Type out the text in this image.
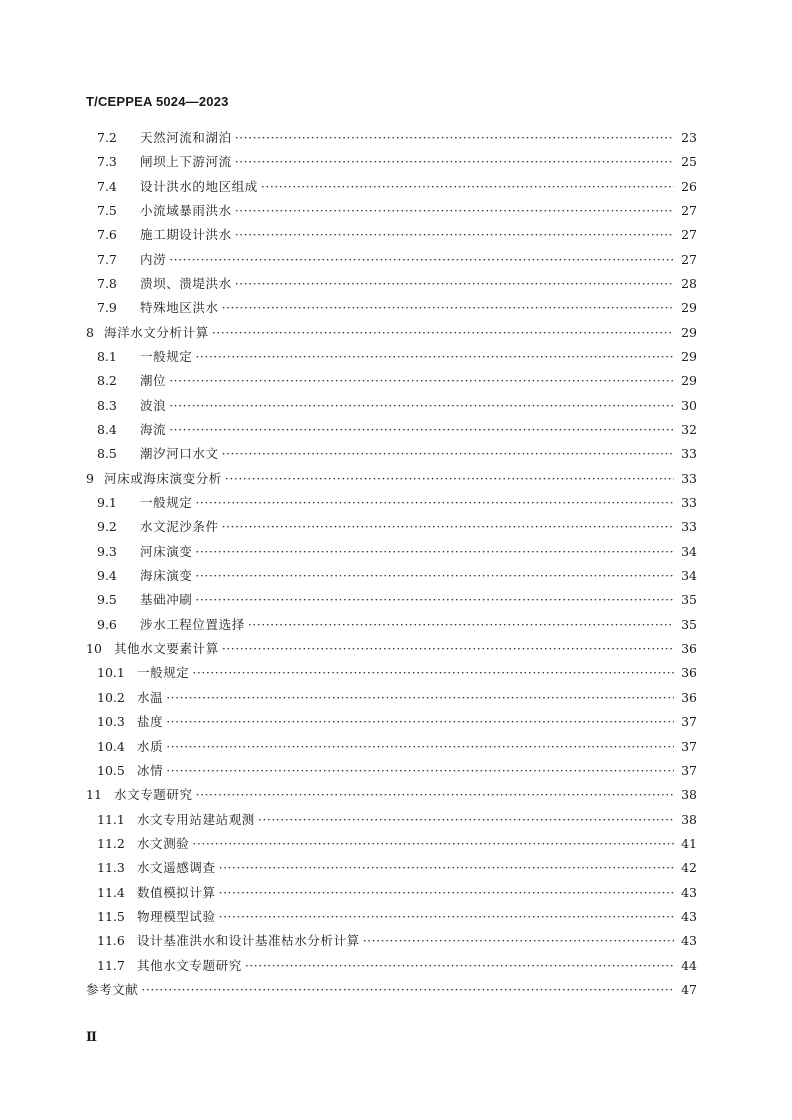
T/CEPPEA 5024—2023
7.2	天然河流和湖泊 ·····	23
7.3	闸坝上下游河流 ·····	25
7.4	设计洪水的地区组成 ·····	26
7.5	小流域暴雨洪水 ·····	27
7.6	施工期设计洪水 ·····	27
7.7	内涝 ·····	27
7.8	溃坝、溃堤洪水 ·····	28
7.9	特殊地区洪水 ·····	29
8 海洋水文分析计算 ·····	29
8.1	一般规定 ·····	29
8.2	潮位 ·····	29
8.3	波浪 ·····	30
8.4	海流 ·····	32
8.5	潮汐河口水文 ·····	33
9 河床或海床演变分析 ·····	33
9.1	一般规定 ·····	33
9.2	水文泥沙条件 ·····	33
9.3	河床演变 ·····	34
9.4	海床演变 ·····	34
9.5	基础冲刷 ·····	35
9.6	涉水工程位置选择 ·····	35
10 其他水文要素计算 ·····	36
10.1 一般规定 ·····	36
10.2 水温 ·····	36
10.3 盐度 ·····	37
10.4 水质 ·····	37
10.5 冰情 ·····	37
11 水文专题研究 ·····	38
11.1 水文专用站建站观测 ·····	38
11.2 水文测验 ·····	41
11.3 水文遥感调查 ·····	42
11.4 数值模拟计算 ·····	43
11.5 物理模型试验 ·····	43
11.6 设计基准洪水和设计基准枯水分析计算 ·····	43
11.7 其他水文专题研究 ·····	44
参考文献 ·····	47
Ⅱ
